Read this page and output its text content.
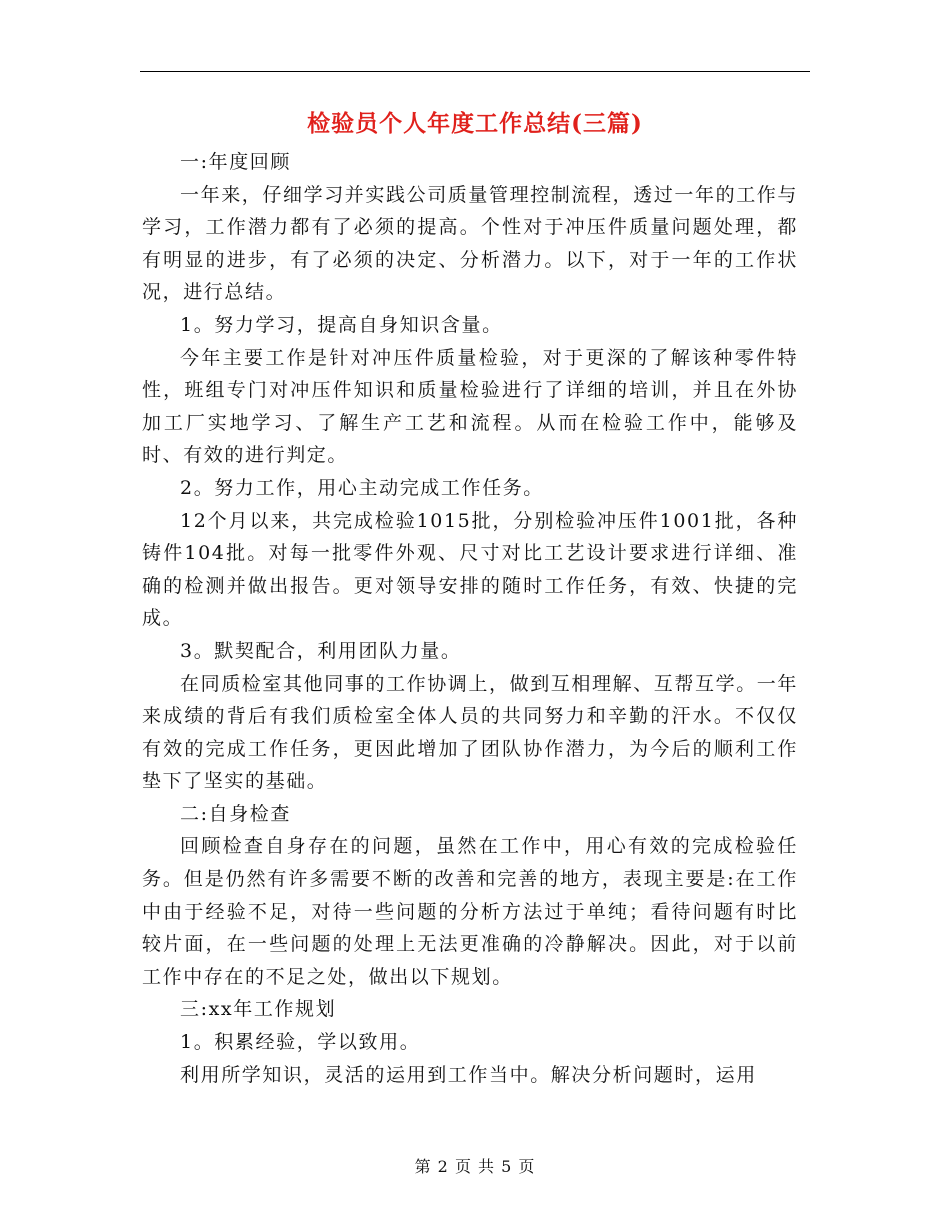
检验员个人年度工作总结(三篇)

一:年度回顾

一年来，仔细学习并实践公司质量管理控制流程，透过一年的工作与学习，工作潜力都有了必须的提高。个性对于冲压件质量问题处理，都有明显的进步，有了必须的决定、分析潜力。以下，对于一年的工作状况，进行总结。

1。努力学习，提高自身知识含量。

今年主要工作是针对冲压件质量检验，对于更深的了解该种零件特性，班组专门对冲压件知识和质量检验进行了详细的培训，并且在外协加工厂实地学习、了解生产工艺和流程。从而在检验工作中，能够及时、有效的进行判定。

2。努力工作，用心主动完成工作任务。

12个月以来，共完成检验1015批，分别检验冲压件1001批，各种铸件104批。对每一批零件外观、尺寸对比工艺设计要求进行详细、准确的检测并做出报告。更对领导安排的随时工作任务，有效、快捷的完成。

3。默契配合，利用团队力量。

在同质检室其他同事的工作协调上，做到互相理解、互帮互学。一年来成绩的背后有我们质检室全体人员的共同努力和辛勤的汗水。不仅仅有效的完成工作任务，更因此增加了团队协作潜力，为今后的顺利工作垫下了坚实的基础。

二:自身检查

回顾检查自身存在的问题，虽然在工作中，用心有效的完成检验任务。但是仍然有许多需要不断的改善和完善的地方，表现主要是:在工作中由于经验不足，对待一些问题的分析方法过于单纯；看待问题有时比较片面，在一些问题的处理上无法更准确的冷静解决。因此，对于以前工作中存在的不足之处，做出以下规划。

三:xx年工作规划

1。积累经验，学以致用。

利用所学知识，灵活的运用到工作当中。解决分析问题时，运用

第 2 页 共 5 页
